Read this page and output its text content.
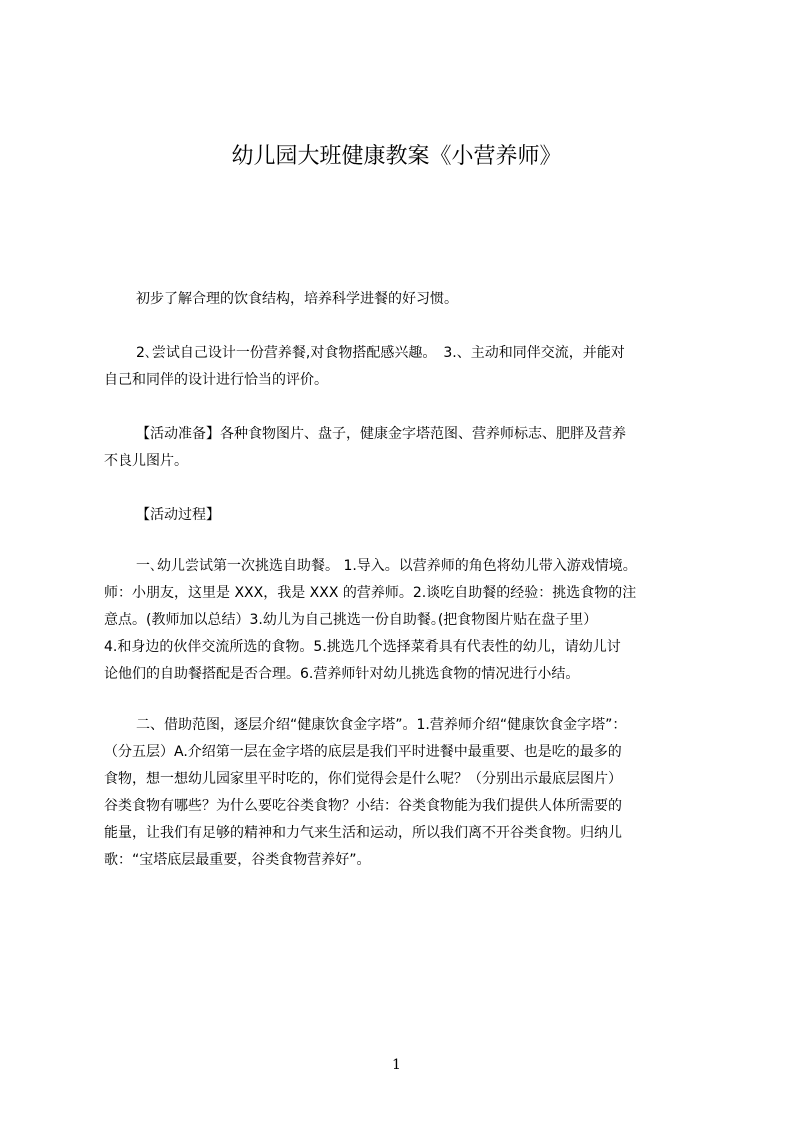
幼儿园大班健康教案《小营养师》

初步了解合理的饮食结构，培养科学进餐的好习惯。

2､尝试自己设计一份营养餐,对食物搭配感兴趣。　3.、主动和同伴交流，并能对
自己和同伴的设计进行恰当的评价。

【活动准备】各种食物图片、盘子，健康金字塔范图、营养师标志、肥胖及营养
不良儿图片。

【活动过程】

一､幼儿尝试第一次挑选自助餐。 1.导入。以营养师的角色将幼儿带入游戏情境。
师：小朋友，这里是 XXX，我是 XXX 的营养师。2.谈吃自助餐的经验：挑选食物的注
意点。(教师加以总结）3.幼儿为自己挑选一份自助餐｡(把食物图片贴在盘子里）
4.和身边的伙伴交流所选的食物。5.挑选几个选择菜肴具有代表性的幼儿，请幼儿讨
论他们的自助餐搭配是否合理。6.营养师针对幼儿挑选食物的情况进行小结。

二、借助范图，逐层介绍“健康饮食金字塔”。1.营养师介绍“健康饮食金字塔”：
（分五层）A.介绍第一层在金字塔的底层是我们平时进餐中最重要、也是吃的最多的
食物，想一想幼儿园家里平时吃的，你们觉得会是什么呢？（分别出示最底层图片）
谷类食物有哪些？为什么要吃谷类食物？小结：谷类食物能为我们提供人体所需要的
能量，让我们有足够的精神和力气来生活和运动，所以我们离不开谷类食物。归纳儿
歌：“宝塔底层最重要，谷类食物营养好”。

1
